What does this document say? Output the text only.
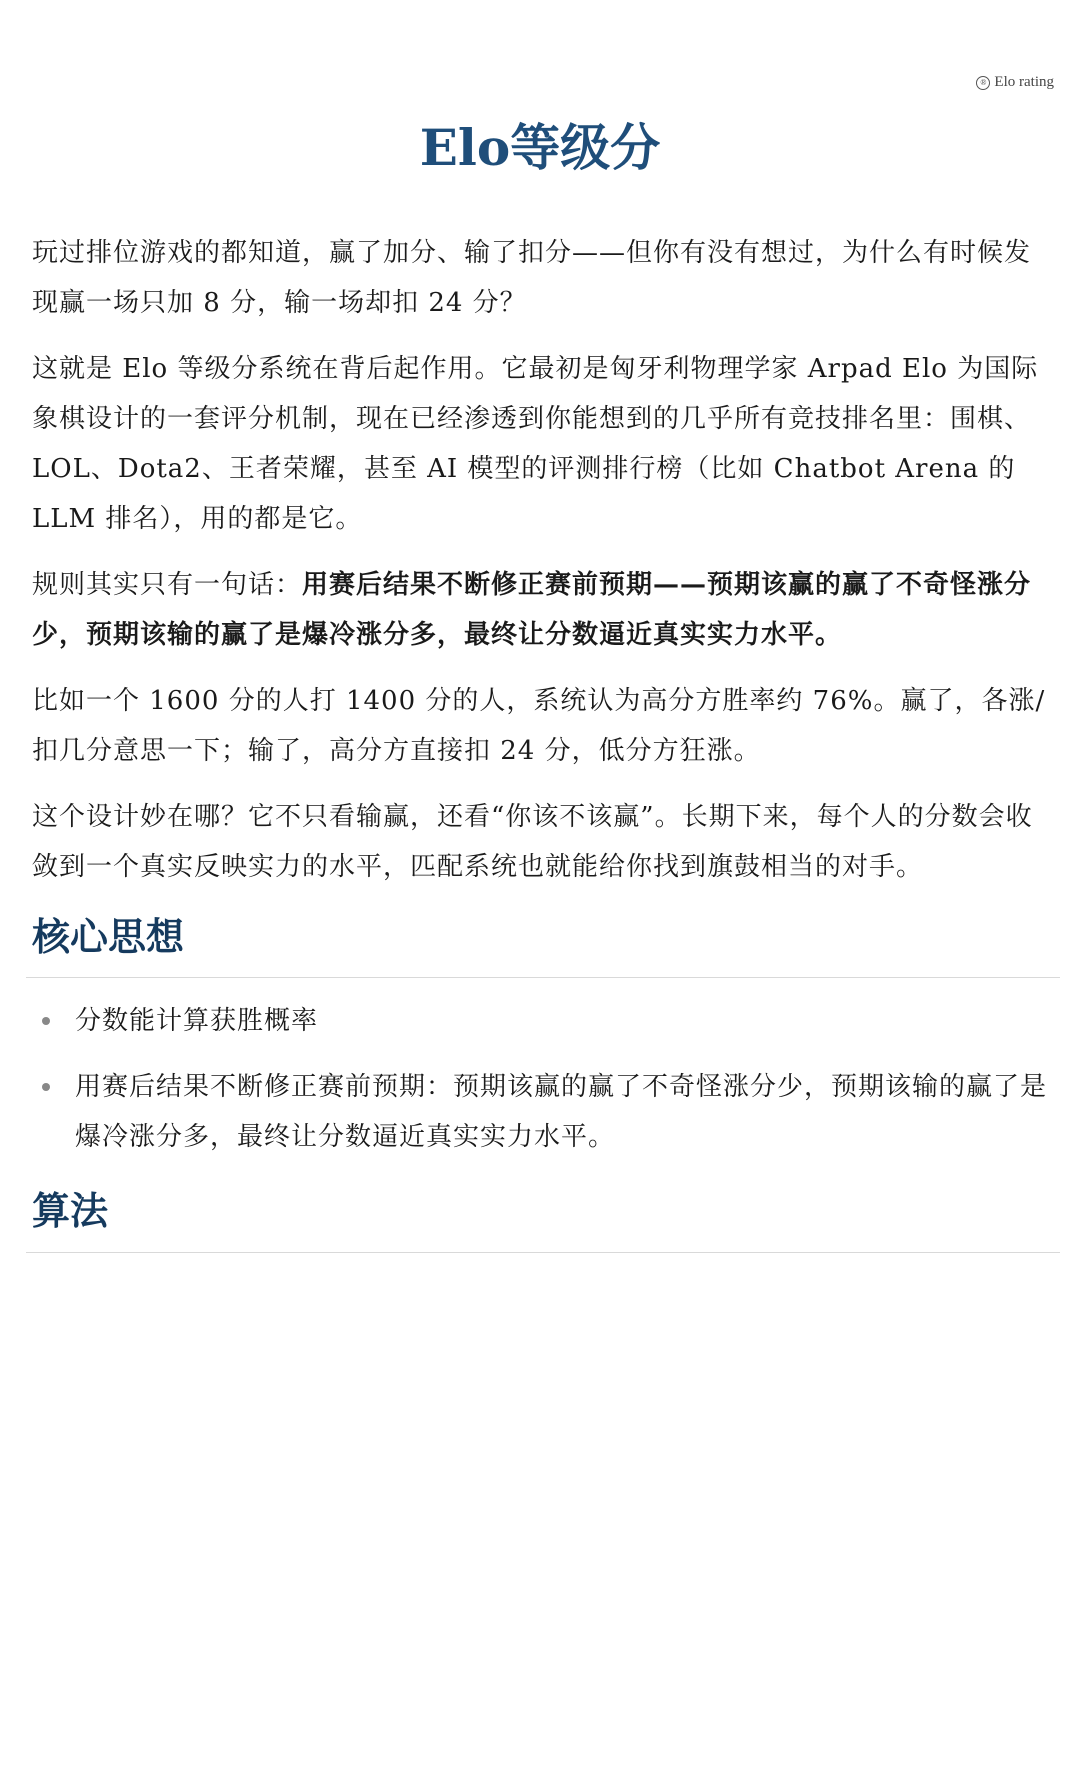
® Elo rating
Elo等级分

玩过排位游戏的都知道，赢了加分、输了扣分——但你有没有想过，为什么有时候发现赢一场只加 8 分，输一场却扣 24 分？

这就是 Elo 等级分系统在背后起作用。它最初是匈牙利物理学家 Arpad Elo 为国际象棋设计的一套评分机制，现在已经渗透到你能想到的几乎所有竞技排名里：围棋、LOL、Dota2、王者荣耀，甚至 AI 模型的评测排行榜（比如 Chatbot Arena 的 LLM 排名），用的都是它。

规则其实只有一句话：用赛后结果不断修正赛前预期——预期该赢的赢了不奇怪涨分少，预期该输的赢了是爆冷涨分多，最终让分数逼近真实实力水平。

比如一个 1600 分的人打 1400 分的人，系统认为高分方胜率约 76%。赢了，各涨/扣几分意思一下；输了，高分方直接扣 24 分，低分方狂涨。

这个设计妙在哪？它不只看输赢，还看“你该不该赢”。长期下来，每个人的分数会收敛到一个真实反映实力的水平，匹配系统也就能给你找到旗鼓相当的对手。

核心思想
分数能计算获胜概率
用赛后结果不断修正赛前预期：预期该赢的赢了不奇怪涨分少，预期该输的赢了是爆冷涨分多，最终让分数逼近真实实力水平。
算法
